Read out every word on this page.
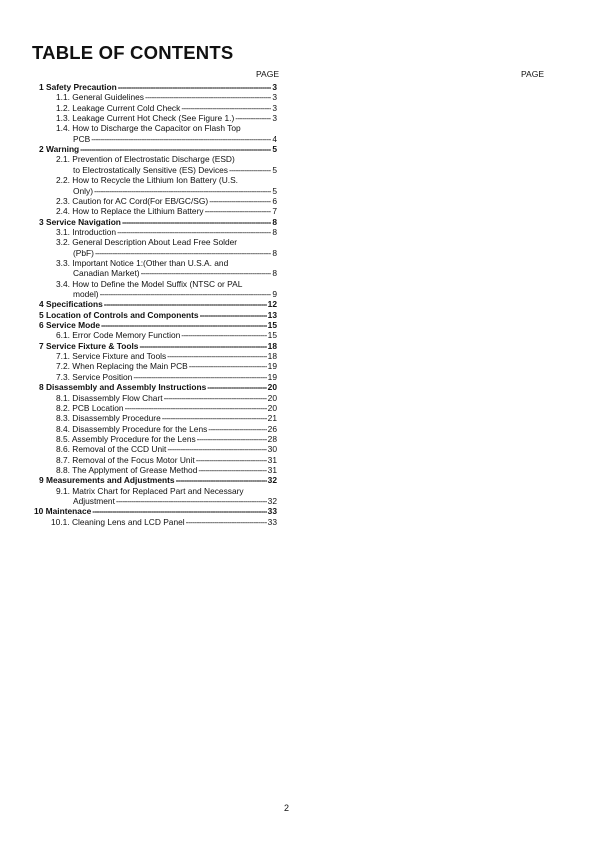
TABLE OF CONTENTS
PAGE	PAGE
1 Safety Precaution -----	3
1.1. General Guidelines -----	3
1.2. Leakage Current Cold Check -----	3
1.3. Leakage Current Hot Check (See Figure 1.) -----	3
1.4. How to Discharge the Capacitor on Flash Top
PCB -----	4
2 Warning -----	5
2.1. Prevention of Electrostatic Discharge (ESD)
to Electrostatically Sensitive (ES) Devices -----	5
2.2. How to Recycle the Lithium Ion Battery (U.S.
Only) -----	5
2.3. Caution for AC Cord(For EB/GC/SG) -----	6
2.4. How to Replace the Lithium Battery -----	7
3 Service Navigation -----	8
3.1. Introduction -----	8
3.2. General Description About Lead Free Solder
(PbF) -----	8
3.3. Important Notice 1:(Other than U.S.A. and
Canadian Market) -----	8
3.4. How to Define the Model Suffix (NTSC or PAL
model) -----	9
4 Specifications -----	12
5 Location of Controls and Components -----	13
6 Service Mode -----	15
6.1. Error Code Memory Function -----	15
7 Service Fixture & Tools -----	18
7.1. Service Fixture and Tools -----	18
7.2. When Replacing the Main PCB -----	19
7.3. Service Position -----	19
8 Disassembly and Assembly Instructions -----	20
8.1. Disassembly Flow Chart -----	20
8.2. PCB Location -----	20
8.3. Disassembly Procedure -----	21
8.4. Disassembly Procedure for the Lens -----	26
8.5. Assembly Procedure for the Lens -----	28
8.6. Removal of the CCD Unit -----	30
8.7. Removal of the Focus Motor Unit -----	31
8.8. The Applyment of Grease Method -----	31
9 Measurements and Adjustments -----	32
9.1. Matrix Chart for Replaced Part and Necessary
Adjustment -----	32
10 Maintenace -----	33
10.1. Cleaning Lens and LCD Panel -----	33
2
